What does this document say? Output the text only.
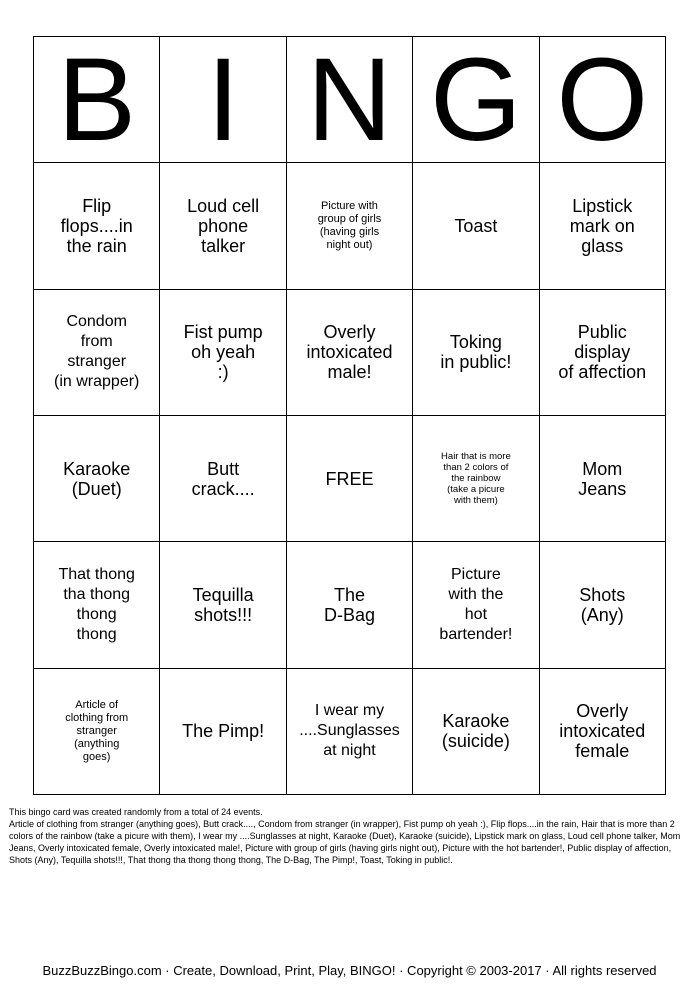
B I N G O
Flip
flops....in
the rain
Loud cell
phone
talker
Picture with
group of girls
(having girls
night out)
Toast
Lipstick
mark on
glass
Condom
from
stranger
(in wrapper)
Fist pump
oh yeah
:)
Overly
intoxicated
male!
Toking
in public!
Public
display
of affection
Karaoke
(Duet)
Butt
crack....	FREE
Hair that is more
than 2 colors of
the rainbow
(take a picure
with them)
Mom
Jeans
That thong
tha thong
thong
thong
Tequilla
shots!!!
The
D-Bag
Picture
with the
hot
bartender!
Shots
(Any)
Article of
clothing from
stranger
(anything
goes)
The Pimp!
I wear my
....Sunglasses
at night
Karaoke
(suicide)
Overly
intoxicated
female

This bingo card was created randomly from a total of 24 events.

Article of clothing from stranger (anything goes), Butt crack...., Condom from stranger (in wrapper), Fist pump oh yeah :), Flip flops....in the rain, Hair that is more than 2 colors of the rainbow (take a picure with them), I wear my ....Sunglasses at night, Karaoke (Duet), Karaoke (suicide), Lipstick mark on glass, Loud cell phone talker, Mom Jeans, Overly intoxicated female, Overly intoxicated male!, Picture with group of girls (having girls night out), Picture with the hot bartender!, Public display of affection, Shots (Any), Tequilla shots!!!, That thong tha thong thong thong, The D-Bag, The Pimp!, Toast, Toking in public!.

BuzzBuzzBingo.com · Create, Download, Print, Play, BINGO! · Copyright © 2003-2017 · All rights reserved
